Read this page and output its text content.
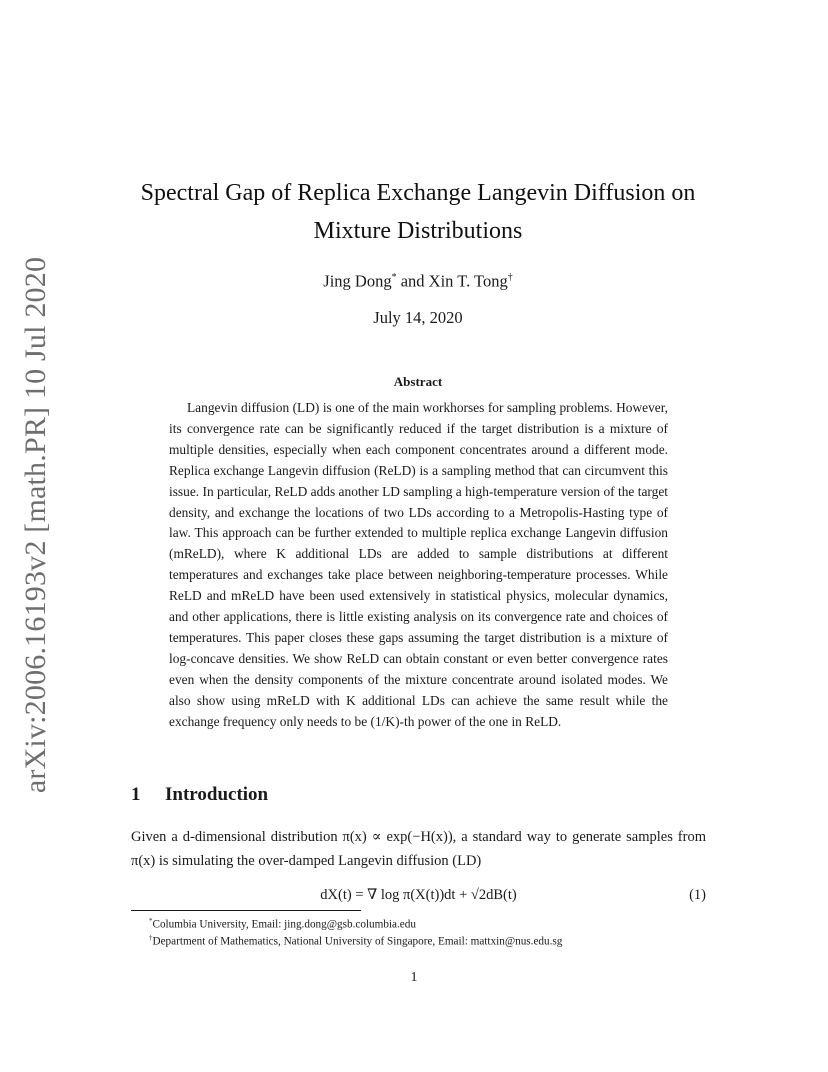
arXiv:2006.16193v2 [math.PR] 10 Jul 2020
Spectral Gap of Replica Exchange Langevin Diffusion on
Mixture Distributions
Jing Dong* and Xin T. Tong†
July 14, 2020
Abstract

Langevin diffusion (LD) is one of the main workhorses for sampling problems. However, its convergence rate can be significantly reduced if the target distribution is a mixture of multiple densities, especially when each component concentrates around a different mode. Replica exchange Langevin diffusion (ReLD) is a sampling method that can circumvent this issue. In particular, ReLD adds another LD sampling a high-temperature version of the target density, and exchange the locations of two LDs according to a Metropolis-Hasting type of law. This approach can be further extended to multiple replica exchange Langevin diffusion (mReLD), where K additional LDs are added to sample distributions at different temperatures and exchanges take place between neighboring-temperature processes. While ReLD and mReLD have been used extensively in statistical physics, molecular dynamics, and other applications, there is little existing analysis on its convergence rate and choices of temperatures. This paper closes these gaps assuming the target distribution is a mixture of log-concave densities. We show ReLD can obtain constant or even better convergence rates even when the density components of the mixture concentrate around isolated modes. We also show using mReLD with K additional LDs can achieve the same result while the exchange frequency only needs to be (1/K)-th power of the one in ReLD.

1 Introduction

Given a d-dimensional distribution π(x) ∝ exp(−H(x)), a standard way to generate samples from π(x) is simulating the over-damped Langevin diffusion (LD)

dX(t) = ∇ log π(X(t))dt + √2dB(t)	(1)
*Columbia University, Email: jing.dong@gsb.columbia.edu
†Department of Mathematics, National University of Singapore, Email: mattxin@nus.edu.sg
1
